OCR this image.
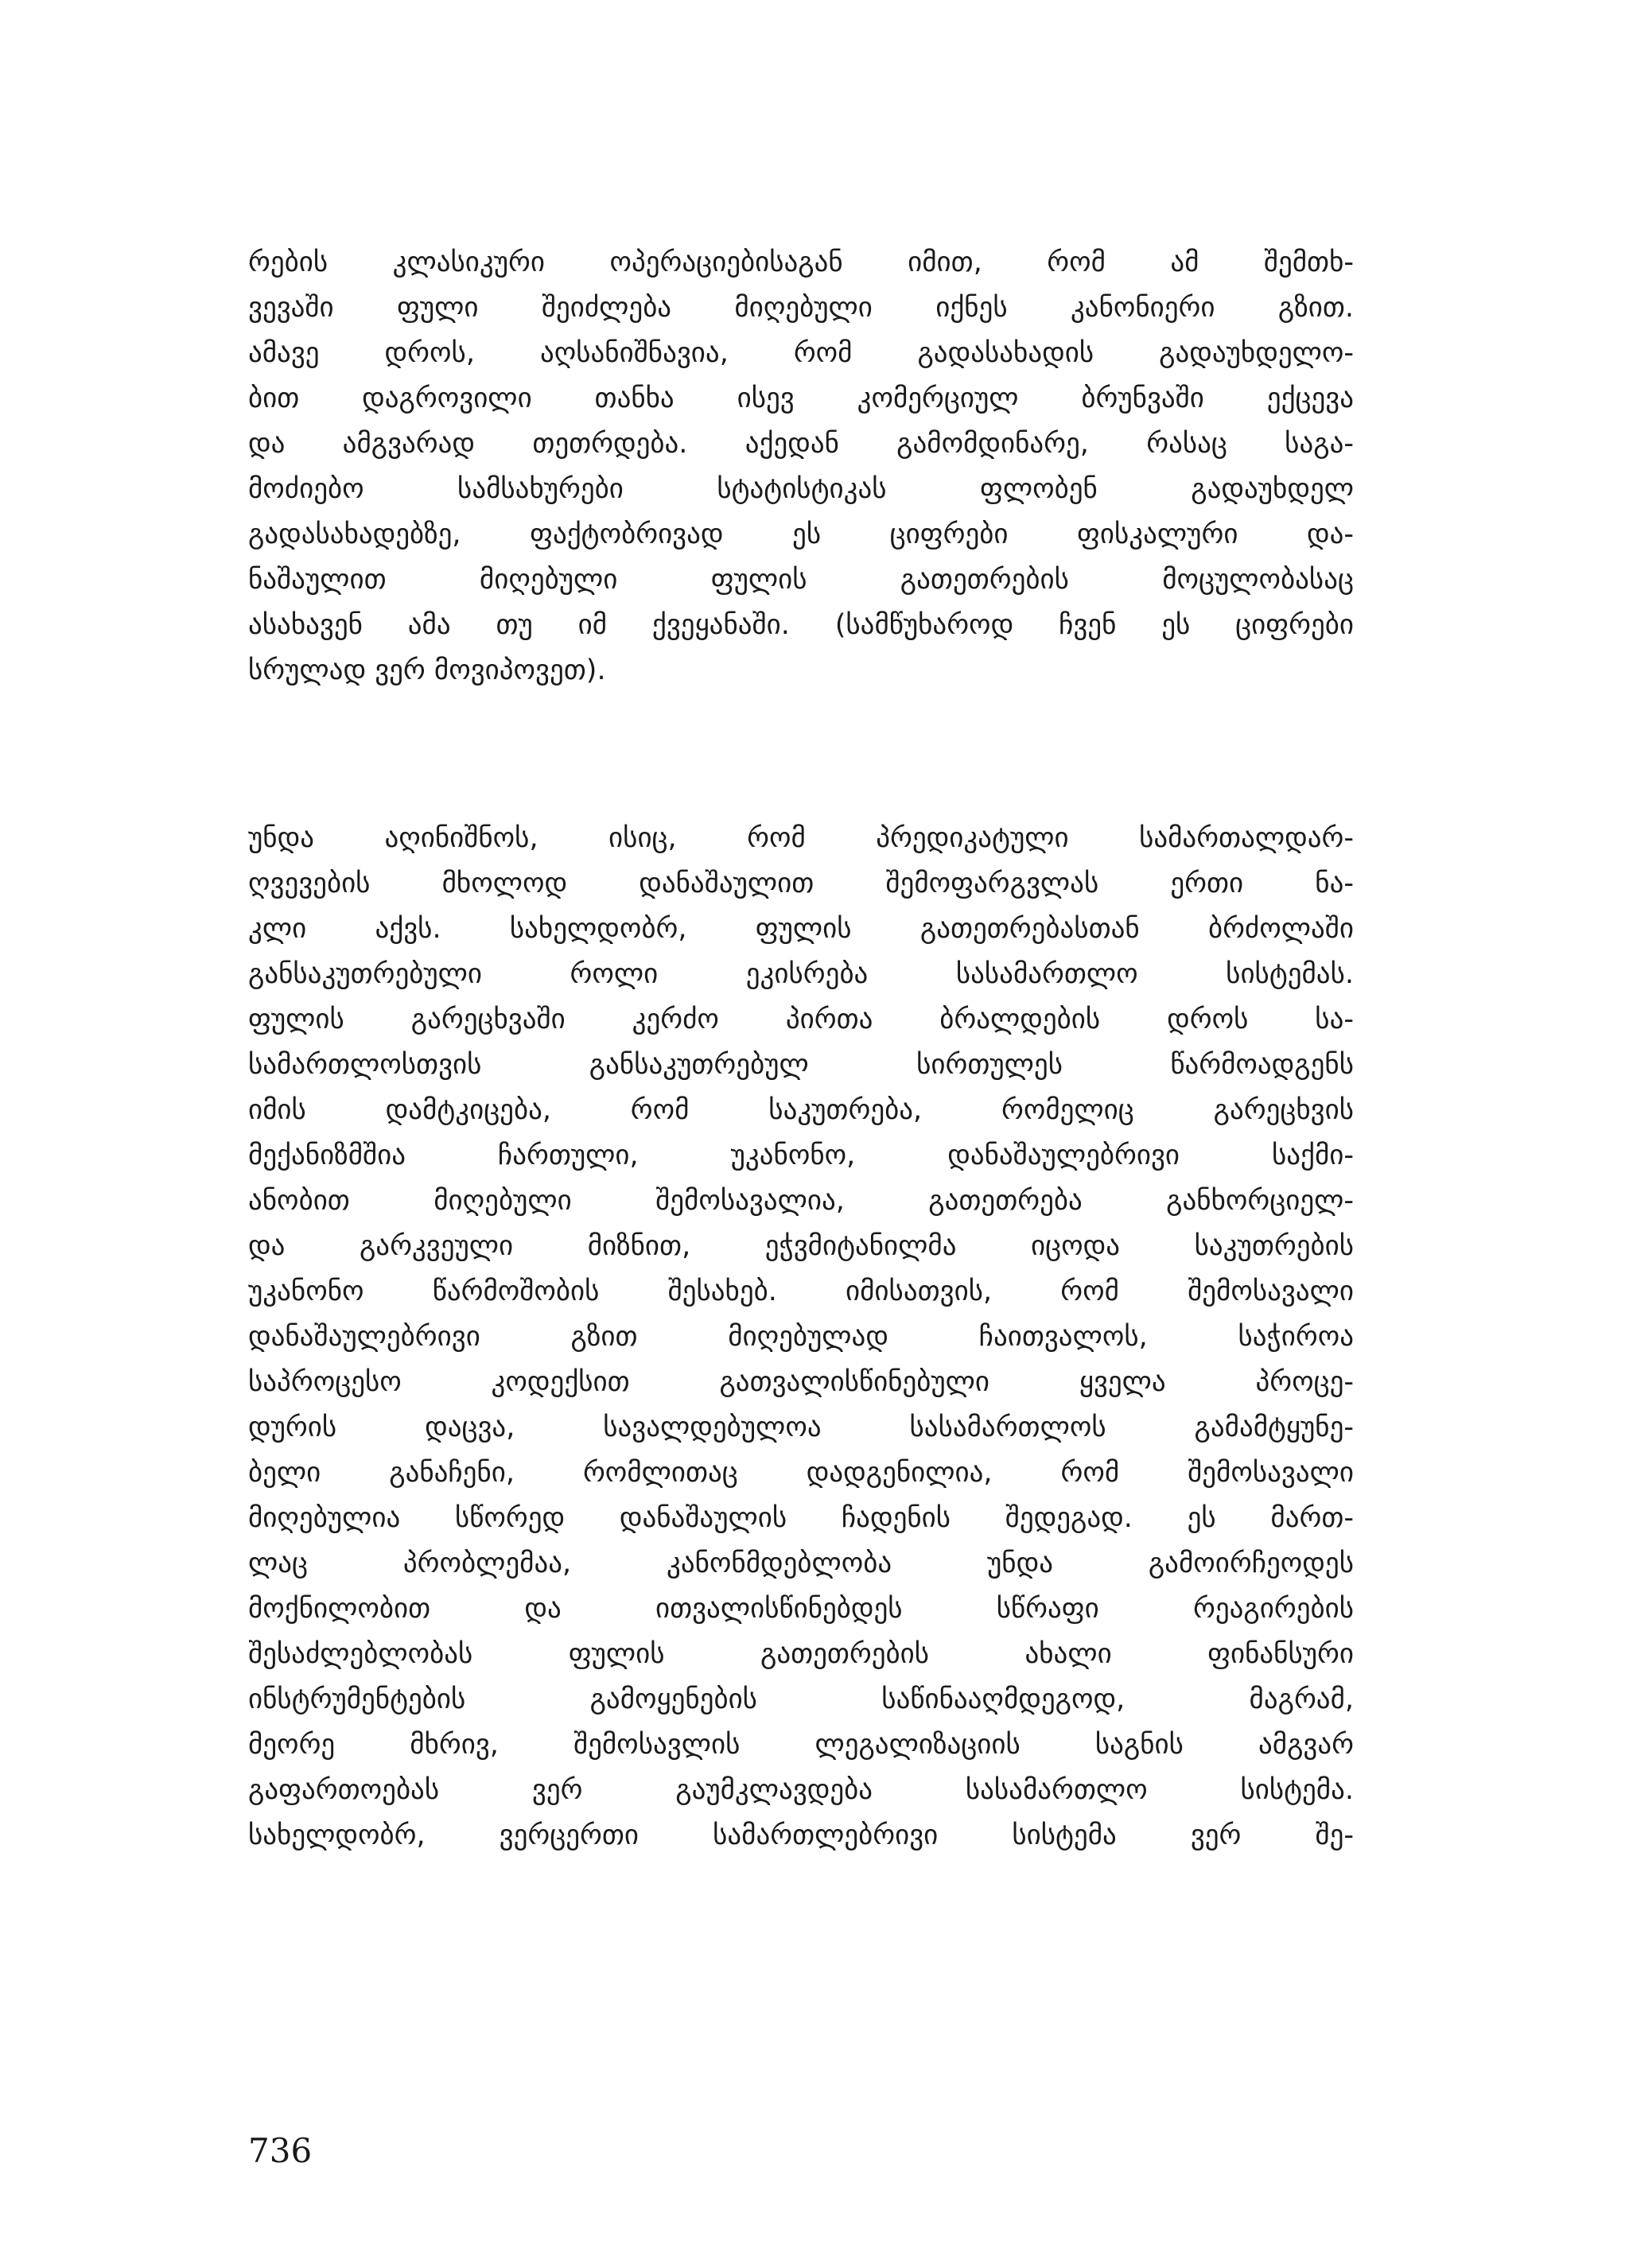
რების კლასიკური ოპერაციებისაგან იმით, რომ ამ შემთხ-
ვევაში ფული შეიძლება მიღებული იქნეს კანონიერი გზით.
ამავე დროს, აღსანიშნავია, რომ გადასახადის გადაუხდელო-
ბით დაგროვილი თანხა ისევ კომერციულ ბრუნვაში ექცევა
და ამგვარად თეთრდება. აქედან გამომდინარე, რასაც საგა-
მოძიებო სამსახურები სტატისტიკას ფლობენ გადაუხდელ
გადასახადებზე, ფაქტობრივად ეს ციფრები ფისკალური და-
ნაშაულით მიღებული ფულის გათეთრების მოცულობასაც
ასახავენ ამა თუ იმ ქვეყანაში. (სამწუხაროდ ჩვენ ეს ციფრები
სრულად ვერ მოვიპოვეთ).
უნდა აღინიშნოს, ისიც, რომ პრედიკატული სამართალდარ-
ღვევების მხოლოდ დანაშაულით შემოფარგვლას ერთი ნა-
კლი აქვს. სახელდობრ, ფულის გათეთრებასთან ბრძოლაში
განსაკუთრებული როლი ეკისრება სასამართლო სისტემას.
ფულის გარეცხვაში კერძო პირთა ბრალდების დროს სა-
სამართლოსთვის განსაკუთრებულ სირთულეს წარმოადგენს
იმის დამტკიცება, რომ საკუთრება, რომელიც გარეცხვის
მექანიზმშია ჩართული, უკანონო, დანაშაულებრივი საქმი-
ანობით მიღებული შემოსავალია, გათეთრება განხორციელ-
და გარკვეული მიზნით, ეჭვმიტანილმა იცოდა საკუთრების
უკანონო წარმოშობის შესახებ. იმისათვის, რომ შემოსავალი
დანაშაულებრივი გზით მიღებულად ჩაითვალოს, საჭიროა
საპროცესო კოდექსით გათვალისწინებული ყველა პროცე-
დურის დაცვა, სავალდებულოა სასამართლოს გამამტყუნე-
ბელი განაჩენი, რომლითაც დადგენილია, რომ შემოსავალი
მიღებულია სწორედ დანაშაულის ჩადენის შედეგად. ეს მართ-
ლაც პრობლემაა, კანონმდებლობა უნდა გამოირჩეოდეს
მოქნილობით და ითვალისწინებდეს სწრაფი რეაგირების
შესაძლებლობას ფულის გათეთრების ახალი ფინანსური
ინსტრუმენტების გამოყენების საწინააღმდეგოდ, მაგრამ,
მეორე მხრივ, შემოსავლის ლეგალიზაციის საგნის ამგვარ
გაფართოებას ვერ გაუმკლავდება სასამართლო სისტემა.
სახელდობრ, ვერცერთი სამართლებრივი სისტემა ვერ შე-
736
